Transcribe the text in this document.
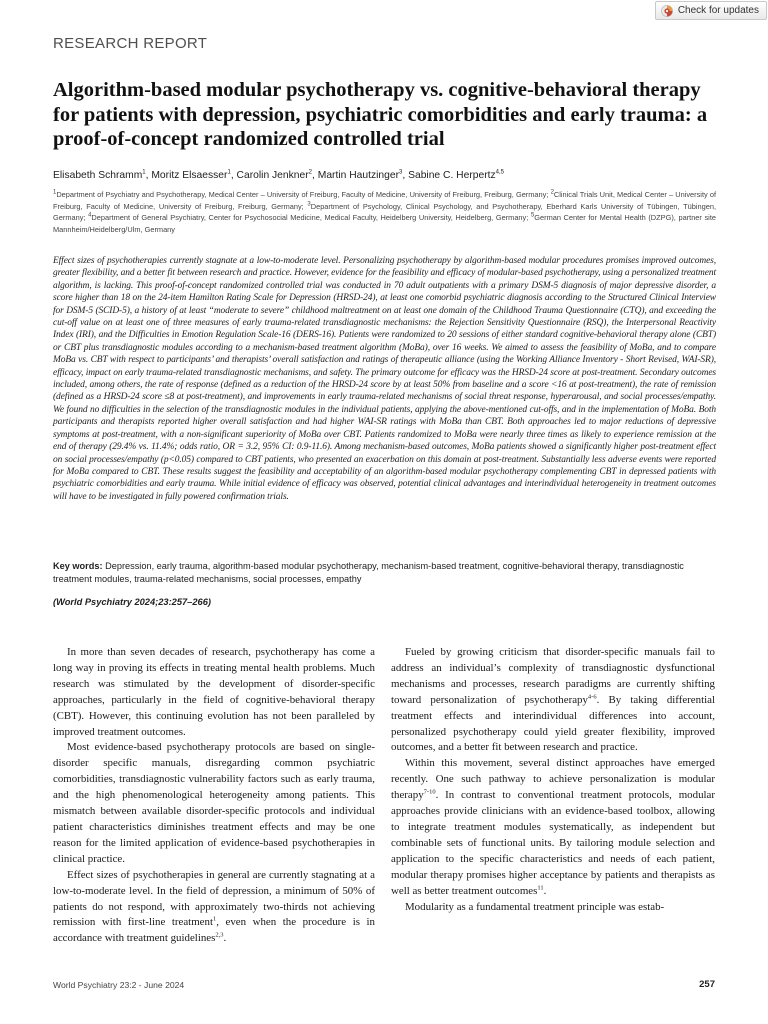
Check for updates
RESEARCH REPORT
Algorithm-based modular psychotherapy vs. cognitive-behavioral therapy for patients with depression, psychiatric comorbidities and early trauma: a proof-of-concept randomized controlled trial

Elisabeth Schramm$^1$, Moritz Elsaesser$^1$, Carolin Jenkner$^2$, Martin Hautzinger$^3$, Sabine C. Herpertz$^{4,5}$

$^1$Department of Psychiatry and Psychotherapy, Medical Center – University of Freiburg, Faculty of Medicine, University of Freiburg, Freiburg, Germany; $^2$Clinical Trials Unit, Medical Center – University of Freiburg, Faculty of Medicine, University of Freiburg, Freiburg, Germany; $^3$Department of Psychology, Clinical Psychology, and Psychotherapy, Eberhard Karls University of Tübingen, Tübingen, Germany; $^4$Department of General Psychiatry, Center for Psychosocial Medicine, Medical Faculty, Heidelberg University, Heidelberg, Germany; $^5$German Center for Mental Health (DZPG), partner site Mannheim/Heidelberg/Ulm, Germany

Effect sizes of psychotherapies currently stagnate at a low-to-moderate level. Personalizing psychotherapy by algorithm-based modular procedures promises improved outcomes, greater flexibility, and a better fit between research and practice. However, evidence for the feasibility and efficacy of modular-based psychotherapy, using a personalized treatment algorithm, is lacking. This proof-of-concept randomized controlled trial was conducted in 70 adult outpatients with a primary DSM-5 diagnosis of major depressive disorder, a score higher than 18 on the 24-item Hamilton Rating Scale for Depression (HRSD-24), at least one comorbid psychiatric diagnosis according to the Structured Clinical Interview for DSM-5 (SCID-5), a history of at least “moderate to severe” childhood maltreatment on at least one domain of the Childhood Trauma Questionnaire (CTQ), and exceeding the cut-off value on at least one of three measures of early trauma-related transdiagnostic mechanisms: the Rejection Sensitivity Questionnaire (RSQ), the Interpersonal Reactivity Index (IRI), and the Difficulties in Emotion Regulation Scale-16 (DERS-16). Patients were randomized to 20 sessions of either standard cognitive-behavioral therapy alone (CBT) or CBT plus transdiagnostic modules according to a mechanism-based treatment algorithm (MoBa), over 16 weeks. We aimed to assess the feasibility of MoBa, and to compare MoBa vs. CBT with respect to participants’ and therapists’ overall satisfaction and ratings of therapeutic alliance (using the Working Alliance Inventory - Short Revised, WAI-SR), efficacy, impact on early trauma-related transdiagnostic mechanisms, and safety. The primary outcome for efficacy was the HRSD-24 score at post-treatment. Secondary outcomes included, among others, the rate of response (defined as a reduction of the HRSD-24 score by at least 50% from baseline and a score <16 at post-treatment), the rate of remission (defined as a HRSD-24 score ≤8 at post-treatment), and improvements in early trauma-related mechanisms of social threat response, hyperarousal, and social processes/empathy. We found no difficulties in the selection of the transdiagnostic modules in the individual patients, applying the above-mentioned cut-offs, and in the implementation of MoBa. Both participants and therapists reported higher overall satisfaction and had higher WAI-SR ratings with MoBa than CBT. Both approaches led to major reductions of depressive symptoms at post-treatment, with a non-significant superiority of MoBa over CBT. Patients randomized to MoBa were nearly three times as likely to experience remission at the end of therapy (29.4% vs. 11.4%; odds ratio, OR = 3.2, 95% CI: 0.9-11.6). Among mechanism-based outcomes, MoBa patients showed a significantly higher post-treatment effect on social processes/empathy (p<0.05) compared to CBT patients, who presented an exacerbation on this domain at post-treatment. Substantially less adverse events were reported for MoBa compared to CBT. These results suggest the feasibility and acceptability of an algorithm-based modular psychotherapy complementing CBT in depressed patients with psychiatric comorbidities and early trauma. While initial evidence of efficacy was observed, potential clinical advantages and interindividual heterogeneity in treatment outcomes will have to be investigated in fully powered confirmation trials.

Key words: Depression, early trauma, algorithm-based modular psychotherapy, mechanism-based treatment, cognitive-behavioral therapy, transdiagnostic treatment modules, trauma-related mechanisms, social processes, empathy

(World Psychiatry 2024;23:257–266)

In more than seven decades of research, psychotherapy has come a long way in proving its effects in treating mental health problems. Much research was stimulated by the development of disorder-specific approaches, particularly in the field of cognitive-behavioral therapy (CBT). However, this continuing evolution has not been paralleled by improved treatment outcomes.

Most evidence-based psychotherapy protocols are based on single-disorder specific manuals, disregarding common psychiatric comorbidities, transdiagnostic vulnerability factors such as early trauma, and the high phenomenological heterogeneity among patients. This mismatch between available disorder-specific protocols and individual patient characteristics diminishes treatment effects and may be one reason for the limited application of evidence-based psychotherapies in clinical practice.

Effect sizes of psychotherapies in general are currently stagnating at a low-to-moderate level. In the field of depression, a minimum of 50% of patients do not respond, with approximately two-thirds not achieving remission with first-line treatment$^1$, even when the procedure is in accordance with treatment guidelines$^{2,3}$.

Fueled by growing criticism that disorder-specific manuals fail to address an individual’s complexity of transdiagnostic dysfunctional mechanisms and processes, research paradigms are currently shifting toward personalization of psychotherapy$^{4-6}$. By taking differential treatment effects and interindividual differences into account, personalized psychotherapy could yield greater flexibility, improved outcomes, and a better fit between research and practice.

Within this movement, several distinct approaches have emerged recently. One such pathway to achieve personalization is modular therapy$^{7-10}$. In contrast to conventional treatment protocols, modular approaches provide clinicians with an evidence-based toolbox, allowing to integrate treatment modules systematically, as independent but combinable sets of functional units. By tailoring module selection and application to the specific characteristics and needs of each patient, modular therapy promises higher acceptance by patients and therapists as well as better treatment outcomes$^{11}$.

Modularity as a fundamental treatment principle was estab-

World Psychiatry 23:2 - June 2024	257
